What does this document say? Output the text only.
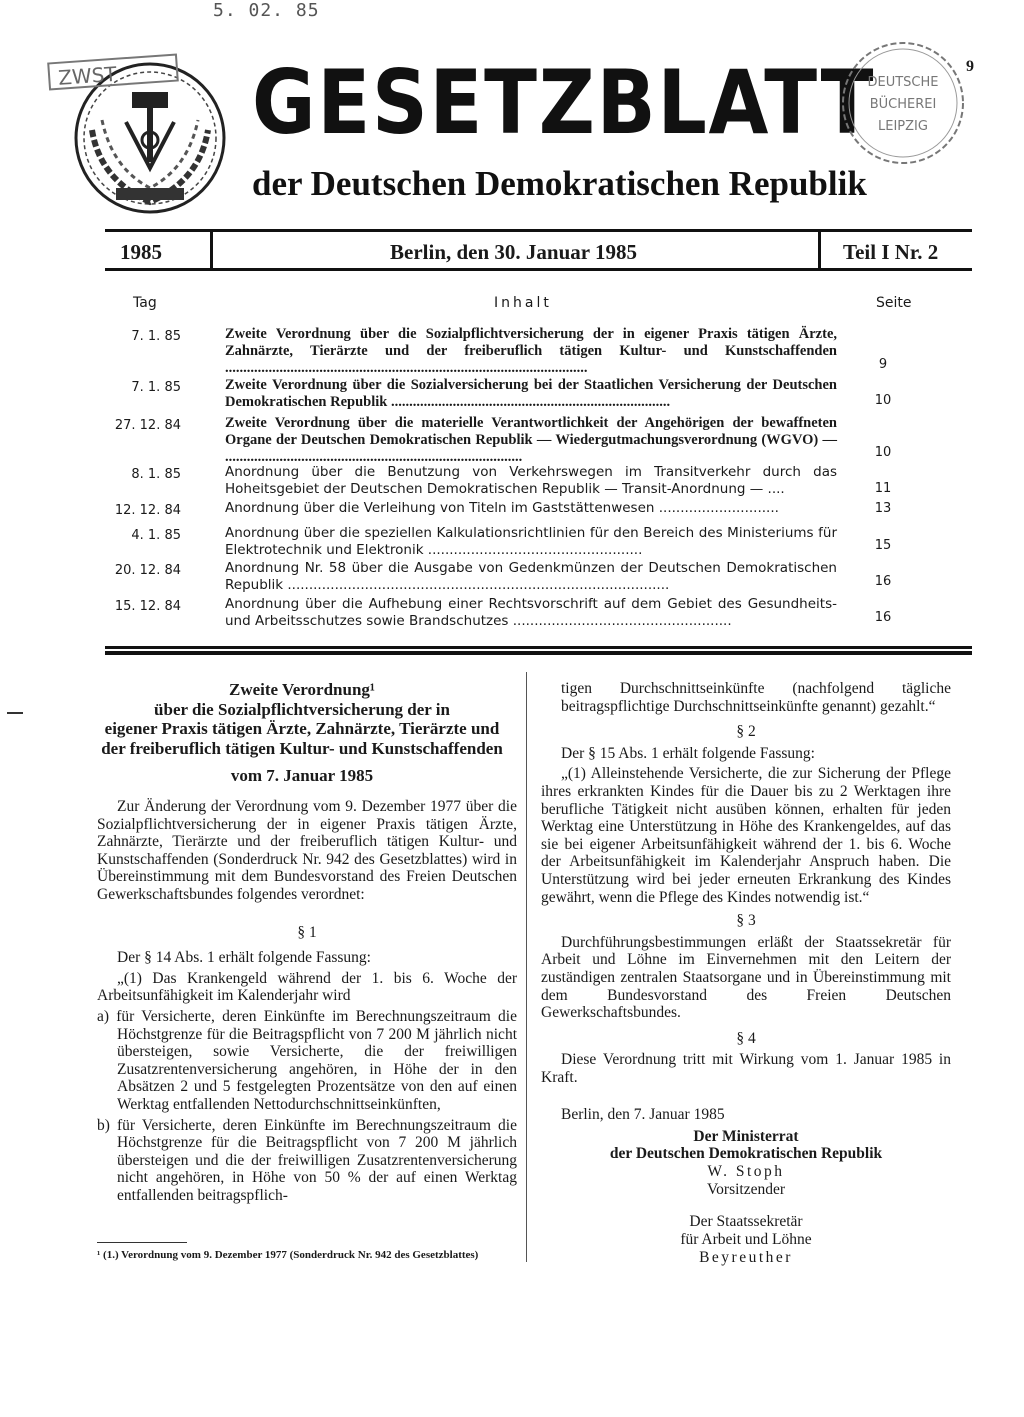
5. 02. 85
ZWST	GESETZBLATT
der Deutschen Demokratischen Republik
DEUTSCHE
BÜCHEREI
LEIPZIG
9
1985	Berlin, den 30. Januar 1985	Teil I Nr. 2
Tag	Inhalt	Seite
7. 1. 85	Zweite Verordnung über die Sozialpflichtversicherung der in eigener Praxis tätigen Ärzte, Zahnärzte, Tierärzte und der freiberuflich tätigen Kultur- und Kunstschaffenden ....................................................................................................	9
7. 1. 85	Zweite Verordnung über die Sozialversicherung bei der Staatlichen Versicherung der Deutschen Demokratischen Republik .............................................................................	10
27. 12. 84	Zweite Verordnung über die materielle Verantwortlichkeit der Angehörigen der bewaffneten Organe der Deutschen Demokratischen Republik — Wiedergutmachungsverordnung (WGVO) — ..................................................................................	10
8. 1. 85	Anordnung über die Benutzung von Verkehrswegen im Transitverkehr durch das Hoheitsgebiet der Deutschen Demokratischen Republik — Transit-Anordnung — ....	11
12. 12. 84	Anordnung über die Verleihung von Titeln im Gaststättenwesen ............................	13
4. 1. 85	Anordnung über die speziellen Kalkulationsrichtlinien für den Bereich des Ministeriums für Elektrotechnik und Elektronik ..................................................	15
20. 12. 84	Anordnung Nr. 58 über die Ausgabe von Gedenkmünzen der Deutschen Demokratischen Republik .........................................................................................	16
15. 12. 84	Anordnung über die Aufhebung einer Rechtsvorschrift auf dem Gebiet des Gesundheits- und Arbeitsschutzes sowie Brandschutzes ...................................................	16
Zweite Verordnung¹
über die Sozialpflichtversicherung der in
eigener Praxis tätigen Ärzte, Zahnärzte, Tierärzte und
der freiberuflich tätigen Kultur- und Kunstschaffenden
vom 7. Januar 1985

Zur Änderung der Verordnung vom 9. Dezember 1977 über die Sozialpflichtversicherung der in eigener Praxis tätigen Ärzte, Zahnärzte, Tierärzte und der freiberuflich tätigen Kultur- und Kunstschaffenden (Sonderdruck Nr. 942 des Gesetzblattes) wird in Übereinstimmung mit dem Bundesvorstand des Freien Deutschen Gewerkschaftsbundes folgendes verordnet:

§ 1

Der § 14 Abs. 1 erhält folgende Fassung:

„(1) Das Krankengeld während der 1. bis 6. Woche der Arbeitsunfähigkeit im Kalenderjahr wird

a) für Versicherte, deren Einkünfte im Berechnungszeitraum die Höchstgrenze für die Beitragspflicht von 7 200 M jährlich nicht übersteigen, sowie Versicherte, die der freiwilligen Zusatzrentenversicherung angehören, in Höhe der in den Absätzen 2 und 5 festgelegten Prozentsätze von den auf einen Werktag entfallenden Nettodurchschnittseinkünften,

b) für Versicherte, deren Einkünfte im Berechnungszeitraum die Höchstgrenze für die Beitragspflicht von 7 200 M jährlich übersteigen und die der freiwilligen Zusatzrentenversicherung nicht angehören, in Höhe von 50 % der auf einen Werktag entfallenden beitragspflich-

¹ (1.) Verordnung vom 9. Dezember 1977 (Sonderdruck Nr. 942 des Gesetzblattes)

tigen Durchschnittseinkünfte (nachfolgend tägliche beitragspflichtige Durchschnittseinkünfte genannt) gezahlt.“

§ 2

Der § 15 Abs. 1 erhält folgende Fassung:

„(1) Alleinstehende Versicherte, die zur Sicherung der Pflege ihres erkrankten Kindes für die Dauer bis zu 2 Werktagen ihre berufliche Tätigkeit nicht ausüben können, erhalten für jeden Werktag eine Unterstützung in Höhe des Krankengeldes, auf das sie bei eigener Arbeitsunfähigkeit während der 1. bis 6. Woche der Arbeitsunfähigkeit im Kalenderjahr Anspruch haben. Die Unterstützung wird bei jeder erneuten Erkrankung des Kindes gewährt, wenn die Pflege des Kindes notwendig ist.“

§ 3

Durchführungsbestimmungen erläßt der Staatssekretär für Arbeit und Löhne im Einvernehmen mit den Leitern der zuständigen zentralen Staatsorgane und in Übereinstimmung mit dem Bundesvorstand des Freien Deutschen Gewerkschaftsbundes.

§ 4

Diese Verordnung tritt mit Wirkung vom 1. Januar 1985 in Kraft.

Berlin, den 7. Januar 1985

Der Ministerrat
der Deutschen Demokratischen Republik
W. Stoph
Vorsitzender
Der Staatssekretär
für Arbeit und Löhne
Beyreuther
